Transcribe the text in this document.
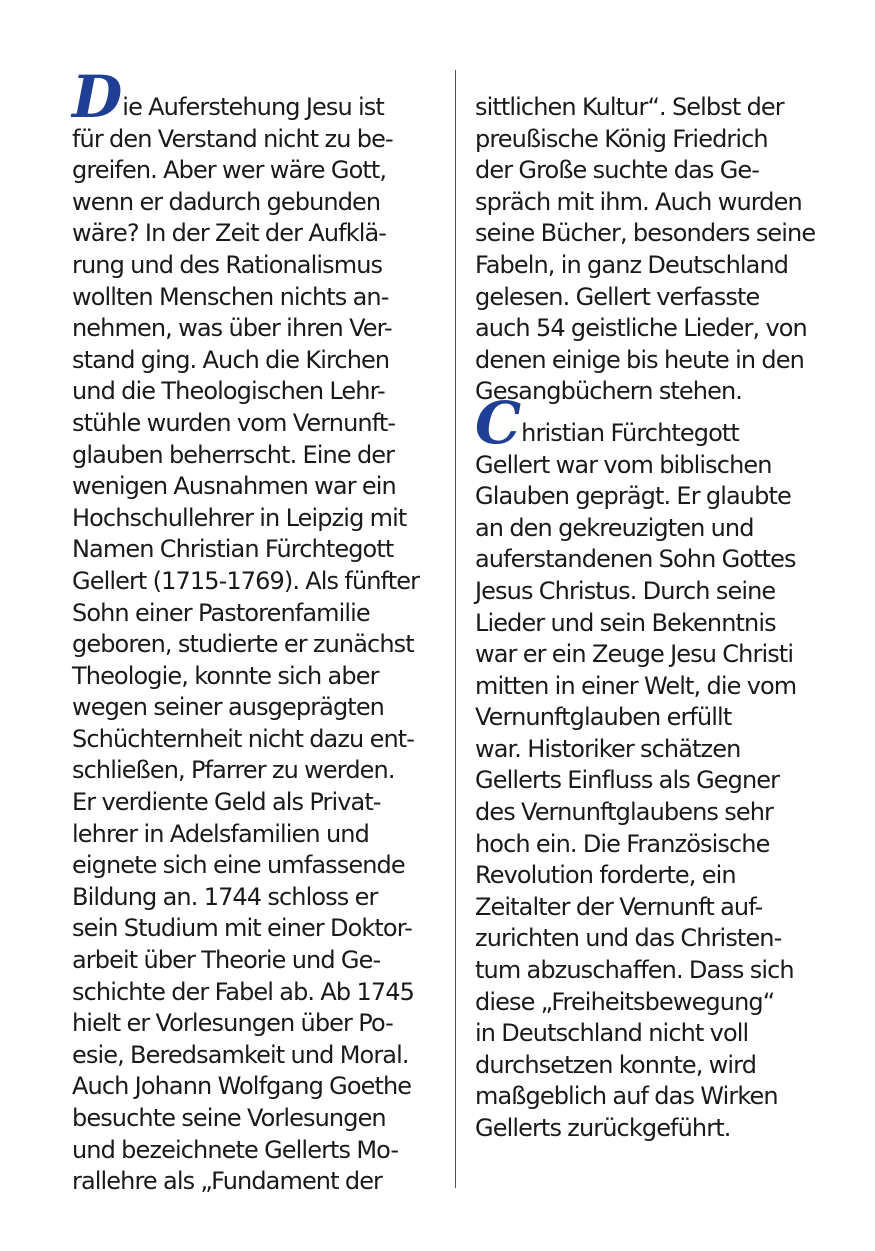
Die Auferstehung Jesu ist
für den Verstand nicht zu be-
greifen. Aber wer wäre Gott,
wenn er dadurch gebunden
wäre? In der Zeit der Aufklä-
rung und des Rationalismus
wollten Menschen nichts an-
nehmen, was über ihren Ver-
stand ging. Auch die Kirchen
und die Theologischen Lehr-
stühle wurden vom Vernunft-
glauben beherrscht. Eine der
wenigen Ausnahmen war ein
Hochschullehrer in Leipzig mit
Namen Christian Fürchtegott
Gellert (1715-1769). Als fünfter
Sohn einer Pastorenfamilie
geboren, studierte er zunächst
Theologie, konnte sich aber
wegen seiner ausgeprägten
Schüchternheit nicht dazu ent-
schließen, Pfarrer zu werden.
Er verdiente Geld als Privat-
lehrer in Adelsfamilien und
eignete sich eine umfassende
Bildung an. 1744 schloss er
sein Studium mit einer Doktor-
arbeit über Theorie und Ge-
schichte der Fabel ab. Ab 1745
hielt er Vorlesungen über Po-
esie, Beredsamkeit und Moral.
Auch Johann Wolfgang Goethe
besuchte seine Vorlesungen
und bezeichnete Gellerts Mo-
rallehre als „Fundament der
sittlichen Kultur“. Selbst der
preußische König Friedrich
der Große suchte das Ge-
spräch mit ihm. Auch wurden
seine Bücher, besonders seine
Fabeln, in ganz Deutschland
gelesen. Gellert verfasste
auch 54 geistliche Lieder, von
denen einige bis heute in den
Gesangbüchern stehen.
Christian Fürchtegott
Gellert war vom biblischen
Glauben geprägt. Er glaubte
an den gekreuzigten und
auferstandenen Sohn Gottes
Jesus Christus. Durch seine
Lieder und sein Bekenntnis
war er ein Zeuge Jesu Christi
mitten in einer Welt, die vom
Vernunftglauben erfüllt
war. Historiker schätzen
Gellerts Einfluss als Gegner
des Vernunftglaubens sehr
hoch ein. Die Französische
Revolution forderte, ein
Zeitalter der Vernunft auf-
zurichten und das Christen-
tum abzuschaffen. Dass sich
diese „Freiheitsbewegung“
in Deutschland nicht voll
durchsetzen konnte, wird
maßgeblich auf das Wirken
Gellerts zurückgeführt.
